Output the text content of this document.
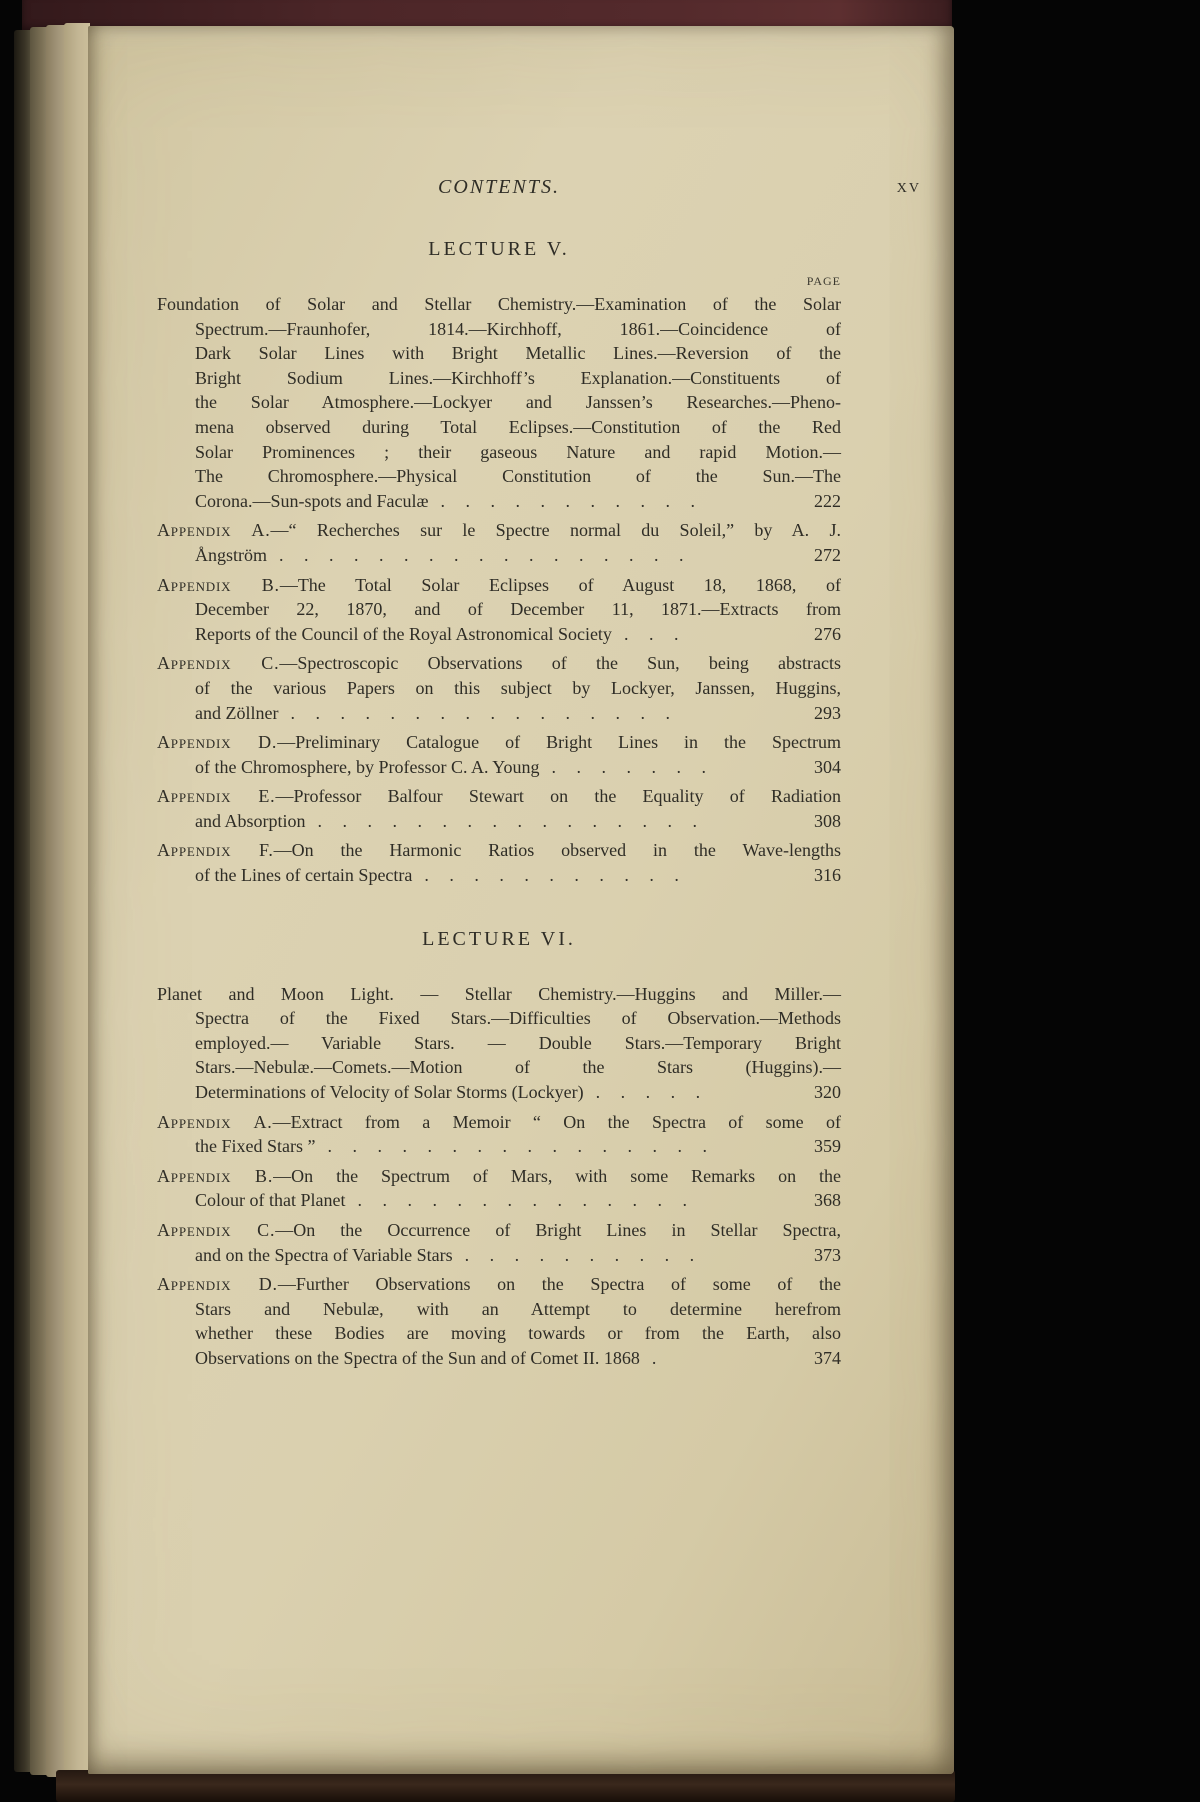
CONTENTS.	XV
LECTURE V.
PAGE
Foundation of Solar and Stellar Chemistry.—Examination of the Solar
Spectrum.—Fraunhofer, 1814.—Kirchhoff, 1861.—Coincidence of
Dark Solar Lines with Bright Metallic Lines.—Reversion of the
Bright Sodium Lines.—Kirchhoff’s Explanation.—Constituents of
the Solar Atmosphere.—Lockyer and Janssen’s Researches.—Pheno-
mena observed during Total Eclipses.—Constitution of the Red
Solar Prominences ; their gaseous Nature and rapid Motion.—
The Chromosphere.—Physical Constitution of the Sun.—The
Corona.—Sun-spots and Faculæ . . . . . . . . . . .	222
Appendix A.—“ Recherches sur le Spectre normal du Soleil,” by A. J.
Ångström . . . . . . . . . . . . . . . . .	272
Appendix B.—The Total Solar Eclipses of August 18, 1868, of
December 22, 1870, and of December 11, 1871.—Extracts from
Reports of the Council of the Royal Astronomical Society . . .	276
Appendix C.—Spectroscopic Observations of the Sun, being abstracts
of the various Papers on this subject by Lockyer, Janssen, Huggins,
and Zöllner . . . . . . . . . . . . . . . .	293
Appendix D.—Preliminary Catalogue of Bright Lines in the Spectrum
of the Chromosphere, by Professor C. A. Young . . . . . . .	304
Appendix E.—Professor Balfour Stewart on the Equality of Radiation
and Absorption . . . . . . . . . . . . . . . .	308
Appendix F.—On the Harmonic Ratios observed in the Wave-lengths
of the Lines of certain Spectra . . . . . . . . . . .	316
LECTURE VI.
Planet and Moon Light. — Stellar Chemistry.—Huggins and Miller.—
Spectra of the Fixed Stars.—Difficulties of Observation.—Methods
employed.— Variable Stars. — Double Stars.—Temporary Bright
Stars.—Nebulæ.—Comets.—Motion of the Stars (Huggins).—
Determinations of Velocity of Solar Storms (Lockyer) . . . . .	320
Appendix A.—Extract from a Memoir “ On the Spectra of some of
the Fixed Stars ” . . . . . . . . . . . . . . . .	359
Appendix B.—On the Spectrum of Mars, with some Remarks on the
Colour of that Planet . . . . . . . . . . . . . .	368
Appendix C.—On the Occurrence of Bright Lines in Stellar Spectra,
and on the Spectra of Variable Stars . . . . . . . . . .	373
Appendix D.—Further Observations on the Spectra of some of the
Stars and Nebulæ, with an Attempt to determine herefrom
whether these Bodies are moving towards or from the Earth, also
Observations on the Spectra of the Sun and of Comet II. 1868 .	374
